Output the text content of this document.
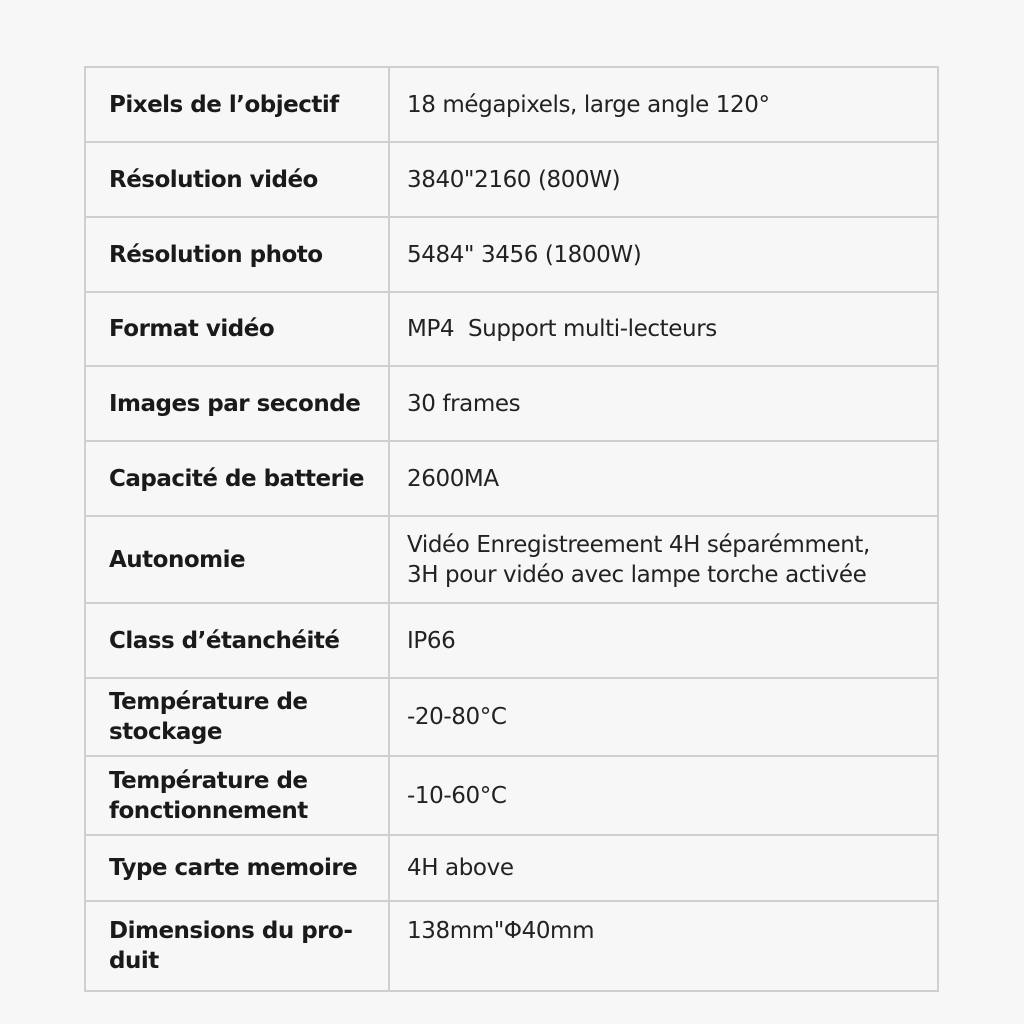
Pixels de l’objectif	18 mégapixels, large angle 120°
Résolution vidéo	3840"2160 (800W)
Résolution photo	5484" 3456 (1800W)
Format vidéo	MP4  Support multi-lecteurs
Images par seconde	30 frames
Capacité de batterie	2600MA
Autonomie	Vidéo Enregistreement 4H séparémment,
3H pour vidéo avec lampe torche activée
Class d’étanchéité	IP66
Température de
stockage	-20-80°C
Température de
fonctionnement	-10-60°C
Type carte memoire	4H above
Dimensions du pro-
duit	138mm"Φ40mm
